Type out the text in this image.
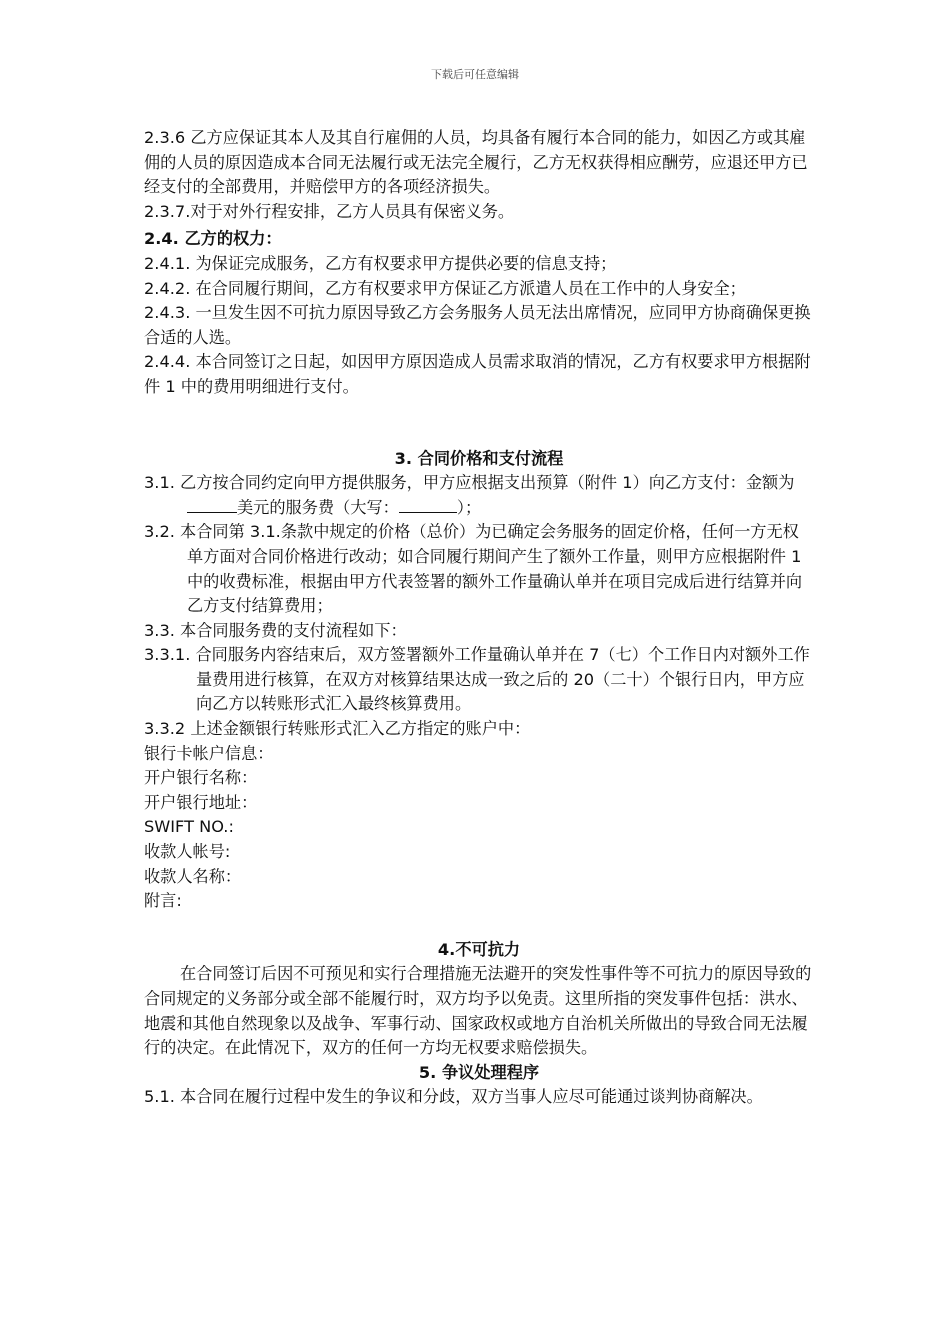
下载后可任意编辑

2.3.6 乙方应保证其本人及其自行雇佣的人员，均具备有履行本合同的能力，如因乙方或其雇佣的人员的原因造成本合同无法履行或无法完全履行，乙方无权获得相应酬劳，应退还甲方已经支付的全部费用，并赔偿甲方的各项经济损失。

2.3.7.对于对外行程安排，乙方人员具有保密义务。

2.4. 乙方的权力：

2.4.1. 为保证完成服务，乙方有权要求甲方提供必要的信息支持；

2.4.2. 在合同履行期间，乙方有权要求甲方保证乙方派遣人员在工作中的人身安全；

2.4.3. 一旦发生因不可抗力原因导致乙方会务服务人员无法出席情况，应同甲方协商确保更换合适的人选。

2.4.4. 本合同签订之日起，如因甲方原因造成人员需求取消的情况，乙方有权要求甲方根据附件 1 中的费用明细进行支付。

3. 合同价格和支付流程

3.1. 乙方按合同约定向甲方提供服务，甲方应根据支出预算（附件 1）向乙方支付：金额为美元的服务费（大写：	）；

3.2. 本合同第 3.1.条款中规定的价格（总价）为已确定会务服务的固定价格，任何一方无权单方面对合同价格进行改动；如合同履行期间产生了额外工作量，则甲方应根据附件 1 中的收费标准，根据由甲方代表签署的额外工作量确认单并在项目完成后进行结算并向乙方支付结算费用；

3.3. 本合同服务费的支付流程如下：

3.3.1. 合同服务内容结束后，双方签署额外工作量确认单并在 7（七）个工作日内对额外工作量费用进行核算，在双方对核算结果达成一致之后的 20（二十）个银行日内，甲方应向乙方以转账形式汇入最终核算费用。

3.3.2 上述金额银行转账形式汇入乙方指定的账户中：

银行卡帐户信息：

开户银行名称：

开户银行地址：

SWIFT NO.:

收款人帐号:

收款人名称：

附言:

4.不可抗力

在合同签订后因不可预见和实行合理措施无法避开的突发性事件等不可抗力的原因导致的合同规定的义务部分或全部不能履行时，双方均予以免责。这里所指的突发事件包括：洪水、地震和其他自然现象以及战争、军事行动、国家政权或地方自治机关所做出的导致合同无法履行的决定。在此情况下，双方的任何一方均无权要求赔偿损失。

5. 争议处理程序

5.1. 本合同在履行过程中发生的争议和分歧，双方当事人应尽可能通过谈判协商解决。
